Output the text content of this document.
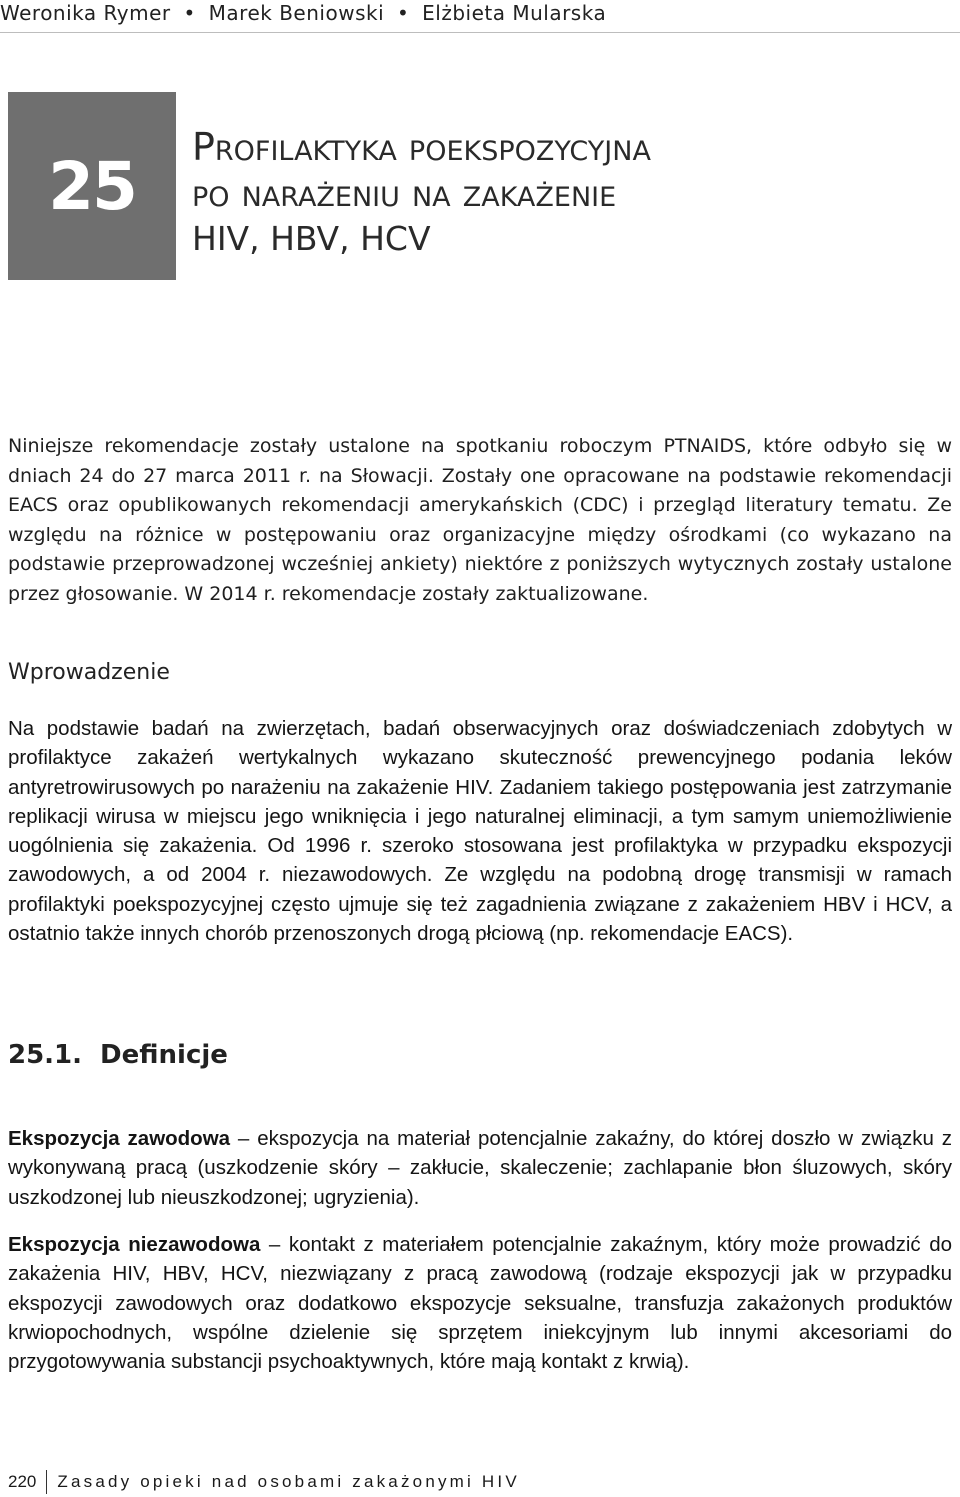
Weronika Rymer • Marek Beniowski • Elżbieta Mularska
25
Profilaktyka poekspozycyjna
po narażeniu na zakażenie
HIV, HBV, HCV

Niniejsze rekomendacje zostały ustalone na spotkaniu roboczym PTNAIDS, które odbyło się w dniach 24 do 27 marca 2011 r. na Słowacji. Zostały one opracowane na podstawie rekomendacji EACS oraz opublikowanych rekomendacji amerykańskich (CDC) i przegląd literatury tematu. Ze względu na różnice w postępowaniu oraz organizacyjne między ośrodkami (co wykazano na podstawie przeprowadzonej wcześniej ankiety) niektóre z poniższych wytycznych zostały ustalone przez głosowanie. W 2014 r. rekomendacje zostały zaktualizowane.

Wprowadzenie

Na podstawie badań na zwierzętach, badań obserwacyjnych oraz doświadczeniach zdobytych w profilaktyce zakażeń wertykalnych wykazano skuteczność prewencyjnego podania leków antyretrowirusowych po narażeniu na zakażenie HIV. Zadaniem takiego postępowania jest zatrzymanie replikacji wirusa w miejscu jego wniknięcia i jego naturalnej eliminacji, a tym samym uniemożliwienie uogólnienia się zakażenia. Od 1996 r. szeroko stosowana jest profilaktyka w przypadku ekspozycji zawodowych, a od 2004 r. niezawodowych. Ze względu na podobną drogę transmisji w ramach profilaktyki poekspozycyjnej często ujmuje się też zagadnienia związane z zakażeniem HBV i HCV, a ostatnio także innych chorób przenoszonych drogą płciową (np. rekomendacje EACS).

25.1. Definicje

Ekspozycja zawodowa – ekspozycja na materiał potencjalnie zakaźny, do której doszło w związku z wykonywaną pracą (uszkodzenie skóry – zakłucie, skaleczenie; zachlapanie błon śluzowych, skóry uszkodzonej lub nieuszkodzonej; ugryzienia).

Ekspozycja niezawodowa – kontakt z materiałem potencjalnie zakaźnym, który może prowadzić do zakażenia HIV, HBV, HCV, niezwiązany z pracą zawodową (rodzaje ekspozycji jak w przypadku ekspozycji zawodowych oraz dodatkowo ekspozycje seksualne, transfuzja zakażonych produktów krwiopochodnych, wspólne dzielenie się sprzętem iniekcyjnym lub innymi akcesoriami do przygotowywania substancji psychoaktywnych, które mają kontakt z krwią).

220	Zasady opieki nad osobami zakażonymi HIV
